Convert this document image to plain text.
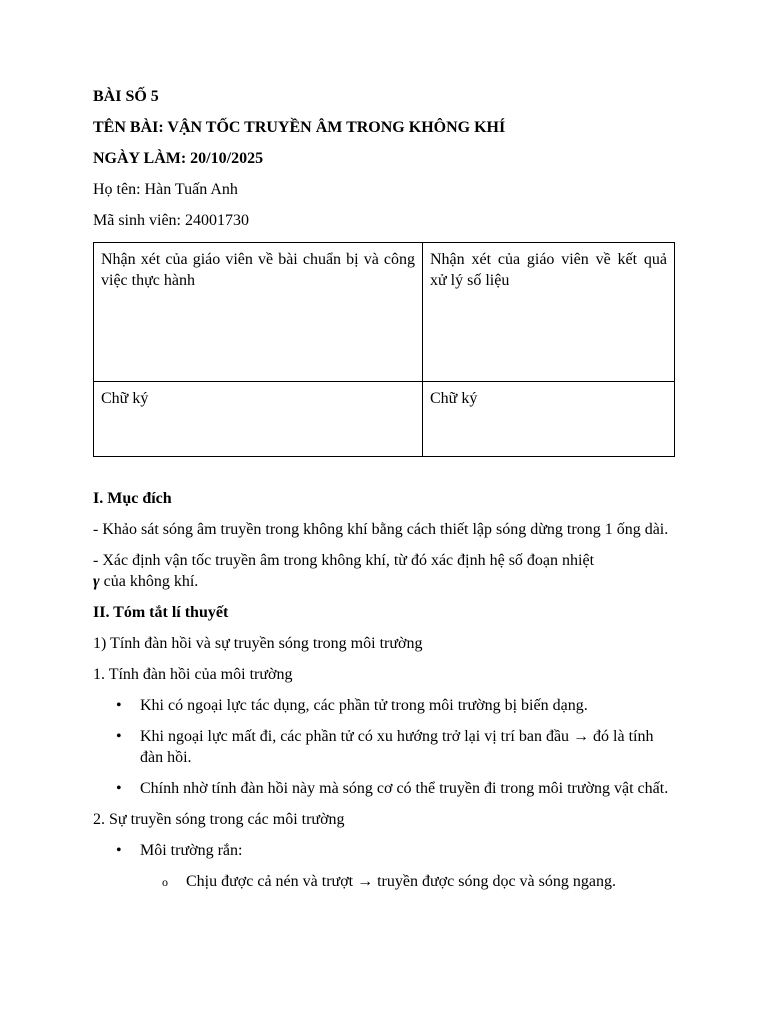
BÀI SỐ 5

TÊN BÀI: VẬN TỐC TRUYỀN ÂM TRONG KHÔNG KHÍ

NGÀY LÀM: 20/10/2025

Họ tên: Hàn Tuấn Anh

Mã sinh viên: 24001730

Nhận xét của giáo viên về bài chuẩn bị và công việc thực hành	Nhận xét của giáo viên về kết quả xử lý số liệu
Chữ ký	Chữ ký

I. Mục đích

- Khảo sát sóng âm truyền trong không khí bằng cách thiết lập sóng dừng trong 1 ống dài.

- Xác định vận tốc truyền âm trong không khí, từ đó xác định hệ số đoạn nhiệt
γ của không khí.

II. Tóm tắt lí thuyết

1) Tính đàn hồi và sự truyền sóng trong môi trường

1. Tính đàn hồi của môi trường

• Khi có ngoại lực tác dụng, các phần tử trong môi trường bị biến dạng.
• Khi ngoại lực mất đi, các phần tử có xu hướng trở lại vị trí ban đầu → đó là tính đàn hồi.
• Chính nhờ tính đàn hồi này mà sóng cơ có thể truyền đi trong môi trường vật chất.

2. Sự truyền sóng trong các môi trường

• Môi trường rắn:
o Chịu được cả nén và trượt → truyền được sóng dọc và sóng ngang.
